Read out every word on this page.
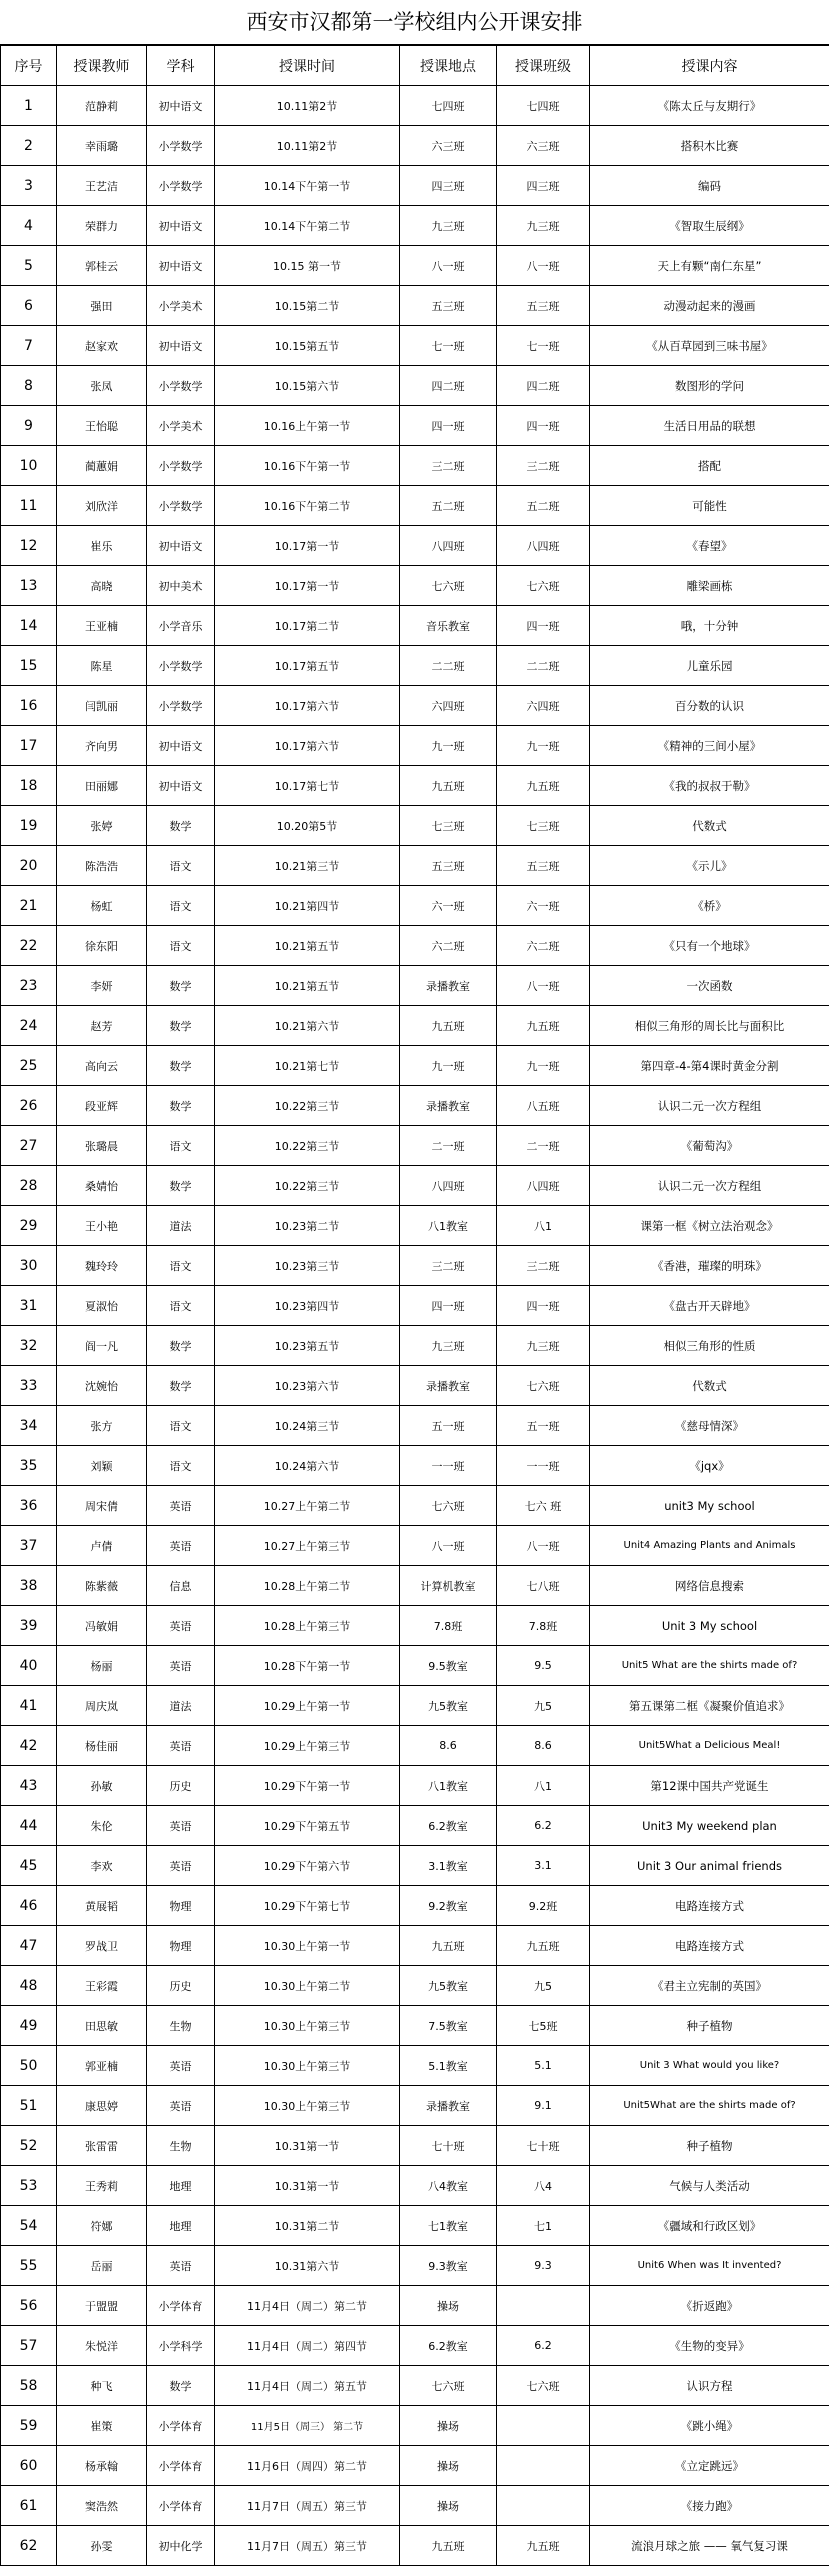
西安市汉都第一学校组内公开课安排
序号	授课教师	学科	授课时间	授课地点	授课班级	授课内容
1	范静莉	初中语文	10.11第2节	七四班	七四班	《陈太丘与友期行》
2	幸雨璐	小学数学	10.11第2节	六三班	六三班	搭积木比赛
3	王艺洁	小学数学	10.14下午第一节	四三班	四三班	编码
4	荣群力	初中语文	10.14下午第二节	九三班	九三班	《智取生辰纲》
5	郭桂云	初中语文	10.15 第一节	八一班	八一班	天上有颗“南仁东星”
6	强田	小学美术	10.15第二节	五三班	五三班	动漫动起来的漫画
7	赵家欢	初中语文	10.15第五节	七一班	七一班	《从百草园到三味书屋》
8	张凤	小学数学	10.15第六节	四二班	四二班	数图形的学问
9	王怡聪	小学美术	10.16上午第一节	四一班	四一班	生活日用品的联想
10	蔺蕙娟	小学数学	10.16下午第一节	三二班	三二班	搭配
11	刘欣洋	小学数学	10.16下午第二节	五二班	五二班	可能性
12	崔乐	初中语文	10.17第一节	八四班	八四班	《春望》
13	高晓	初中美术	10.17第一节	七六班	七六班	雕梁画栋
14	王亚楠	小学音乐	10.17第二节	音乐教室	四一班	哦，十分钟
15	陈星	小学数学	10.17第五节	二二班	二二班	儿童乐园
16	闫凯丽	小学数学	10.17第六节	六四班	六四班	百分数的认识
17	齐向男	初中语文	10.17第六节	九一班	九一班	《精神的三间小屋》
18	田丽娜	初中语文	10.17第七节	九五班	九五班	《我的叔叔于勒》
19	张婷	数学	10.20第5节	七三班	七三班	代数式
20	陈浩浩	语文	10.21第三节	五三班	五三班	《示儿》
21	杨虹	语文	10.21第四节	六一班	六一班	《桥》
22	徐东阳	语文	10.21第五节	六二班	六二班	《只有一个地球》
23	李妍	数学	10.21第五节	录播教室	八一班	一次函数
24	赵芳	数学	10.21第六节	九五班	九五班	相似三角形的周长比与面积比
25	高向云	数学	10.21第七节	九一班	九一班	第四章-4-第4课时黄金分割
26	段亚辉	数学	10.22第三节	录播教室	八五班	认识二元一次方程组
27	张璐晨	语文	10.22第三节	二一班	二一班	《葡萄沟》
28	桑婧怡	数学	10.22第三节	八四班	八四班	认识二元一次方程组
29	王小艳	道法	10.23第二节	八1教室	八1	课第一框《树立法治观念》
30	魏玲玲	语文	10.23第三节	三二班	三二班	《香港，璀璨的明珠》
31	夏淑怡	语文	10.23第四节	四一班	四一班	《盘古开天辟地》
32	阎一凡	数学	10.23第五节	九三班	九三班	相似三角形的性质
33	沈婉怡	数学	10.23第六节	录播教室	七六班	代数式
34	张方	语文	10.24第三节	五一班	五一班	《慈母情深》
35	刘颖	语文	10.24第六节	一一班	一一班	《jqx》
36	周宋倩	英语	10.27上午第二节	七六班	七六 班	unit3 My school
37	卢倩	英语	10.27上午第三节	八一班	八一班	Unit4 Amazing Plants and Animals
38	陈紫薇	信息	10.28上午第二节	计算机教室	七八班	网络信息搜索
39	冯敏娟	英语	10.28上午第三节	7.8班	7.8班	Unit 3 My school
40	杨丽	英语	10.28下午第一节	9.5教室	9.5	Unit5 What are the shirts made of?
41	周庆岚	道法	10.29上午第一节	九5教室	九5	第五课第二框《凝聚价值追求》
42	杨佳丽	英语	10.29上午第三节	8.6	8.6	Unit5What a Delicious Meal!
43	孙敏	历史	10.29下午第一节	八1教室	八1	第12课中国共产党诞生
44	朱伦	英语	10.29下午第五节	6.2教室	6.2	Unit3 My weekend plan
45	李欢	英语	10.29下午第六节	3.1教室	3.1	Unit 3 Our animal friends
46	黄展韬	物理	10.29下午第七节	9.2教室	9.2班	电路连接方式
47	罗战卫	物理	10.30上午第一节	九五班	九五班	电路连接方式
48	王彩霞	历史	10.30上午第二节	九5教室	九5	《君主立宪制的英国》
49	田思敏	生物	10.30上午第三节	7.5教室	七5班	种子植物
50	郭亚楠	英语	10.30上午第三节	5.1教室	5.1	Unit 3 What would you like?
51	康思婷	英语	10.30上午第三节	录播教室	9.1	Unit5What are the shirts made of?
52	张雷雷	生物	10.31第一节	七十班	七十班	种子植物
53	王秀莉	地理	10.31第一节	八4教室	八4	气候与人类活动
54	符娜	地理	10.31第二节	七1教室	七1	《疆域和行政区划》
55	岳丽	英语	10.31第六节	9.3教室	9.3	Unit6 When was It invented?
56	于盟盟	小学体育	11月4日（周二）第二节	操场		《折返跑》
57	朱悦洋	小学科学	11月4日（周二）第四节	6.2教室	6.2	《生物的变异》
58	种飞	数学	11月4日（周二）第五节	七六班	七六班	认识方程
59	崔策	小学体育	11月5日（周三） 第二节	操场		《跳小绳》
60	杨承翰	小学体育	11月6日（周四）第二节	操场		《立定跳远》
61	窦浩然	小学体育	11月7日（周五）第三节	操场		《接力跑》
62	孙雯	初中化学	11月7日（周五）第三节	九五班	九五班	流浪月球之旅 —— 氧气复习课
